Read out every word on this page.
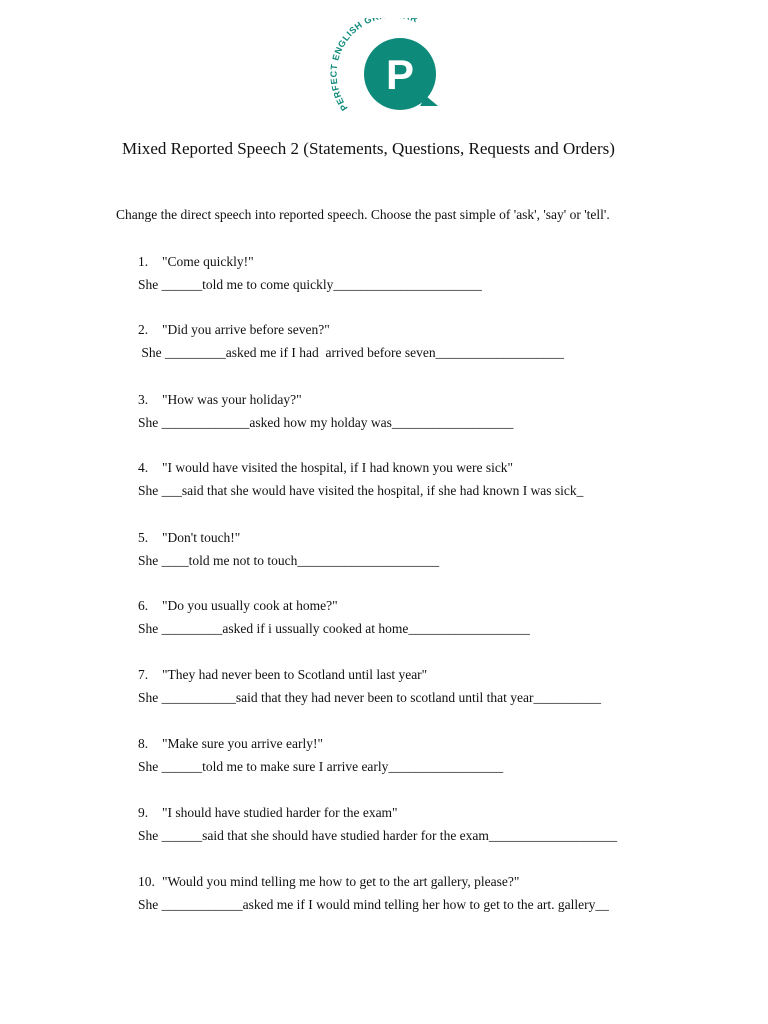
PERFECT ENGLISH G R
P
Mixed Reported Speech 2 (Statements, Questions, Requests and Orders)

Change the direct speech into reported speech. Choose the past simple of 'ask', 'say' or 'tell'.

1. "Come quickly!"
She ______told me to come quickly______________________
2. "Did you arrive before seven?"
She _________asked me if I had  arrived before seven___________________
3. "How was your holiday?"
She _____________asked how my holday was__________________
4. "I would have visited the hospital, if I had known you were sick"
She ___said that she would have visited the hospital, if she had known I was sick_
5. "Don't touch!"
She ____told me not to touch_____________________
6. "Do you usually cook at home?"
She _________asked if i ussually cooked at home__________________
7. "They had never been to Scotland until last year"
She ___________said that they had never been to scotland until that year__________
8. "Make sure you arrive early!"
She ______told me to make sure I arrive early_________________
9. "I should have studied harder for the exam"
She ______said that she should have studied harder for the exam___________________
10. "Would you mind telling me how to get to the art gallery, please?"
She ____________asked me if I would mind telling her how to get to the art. gallery__
